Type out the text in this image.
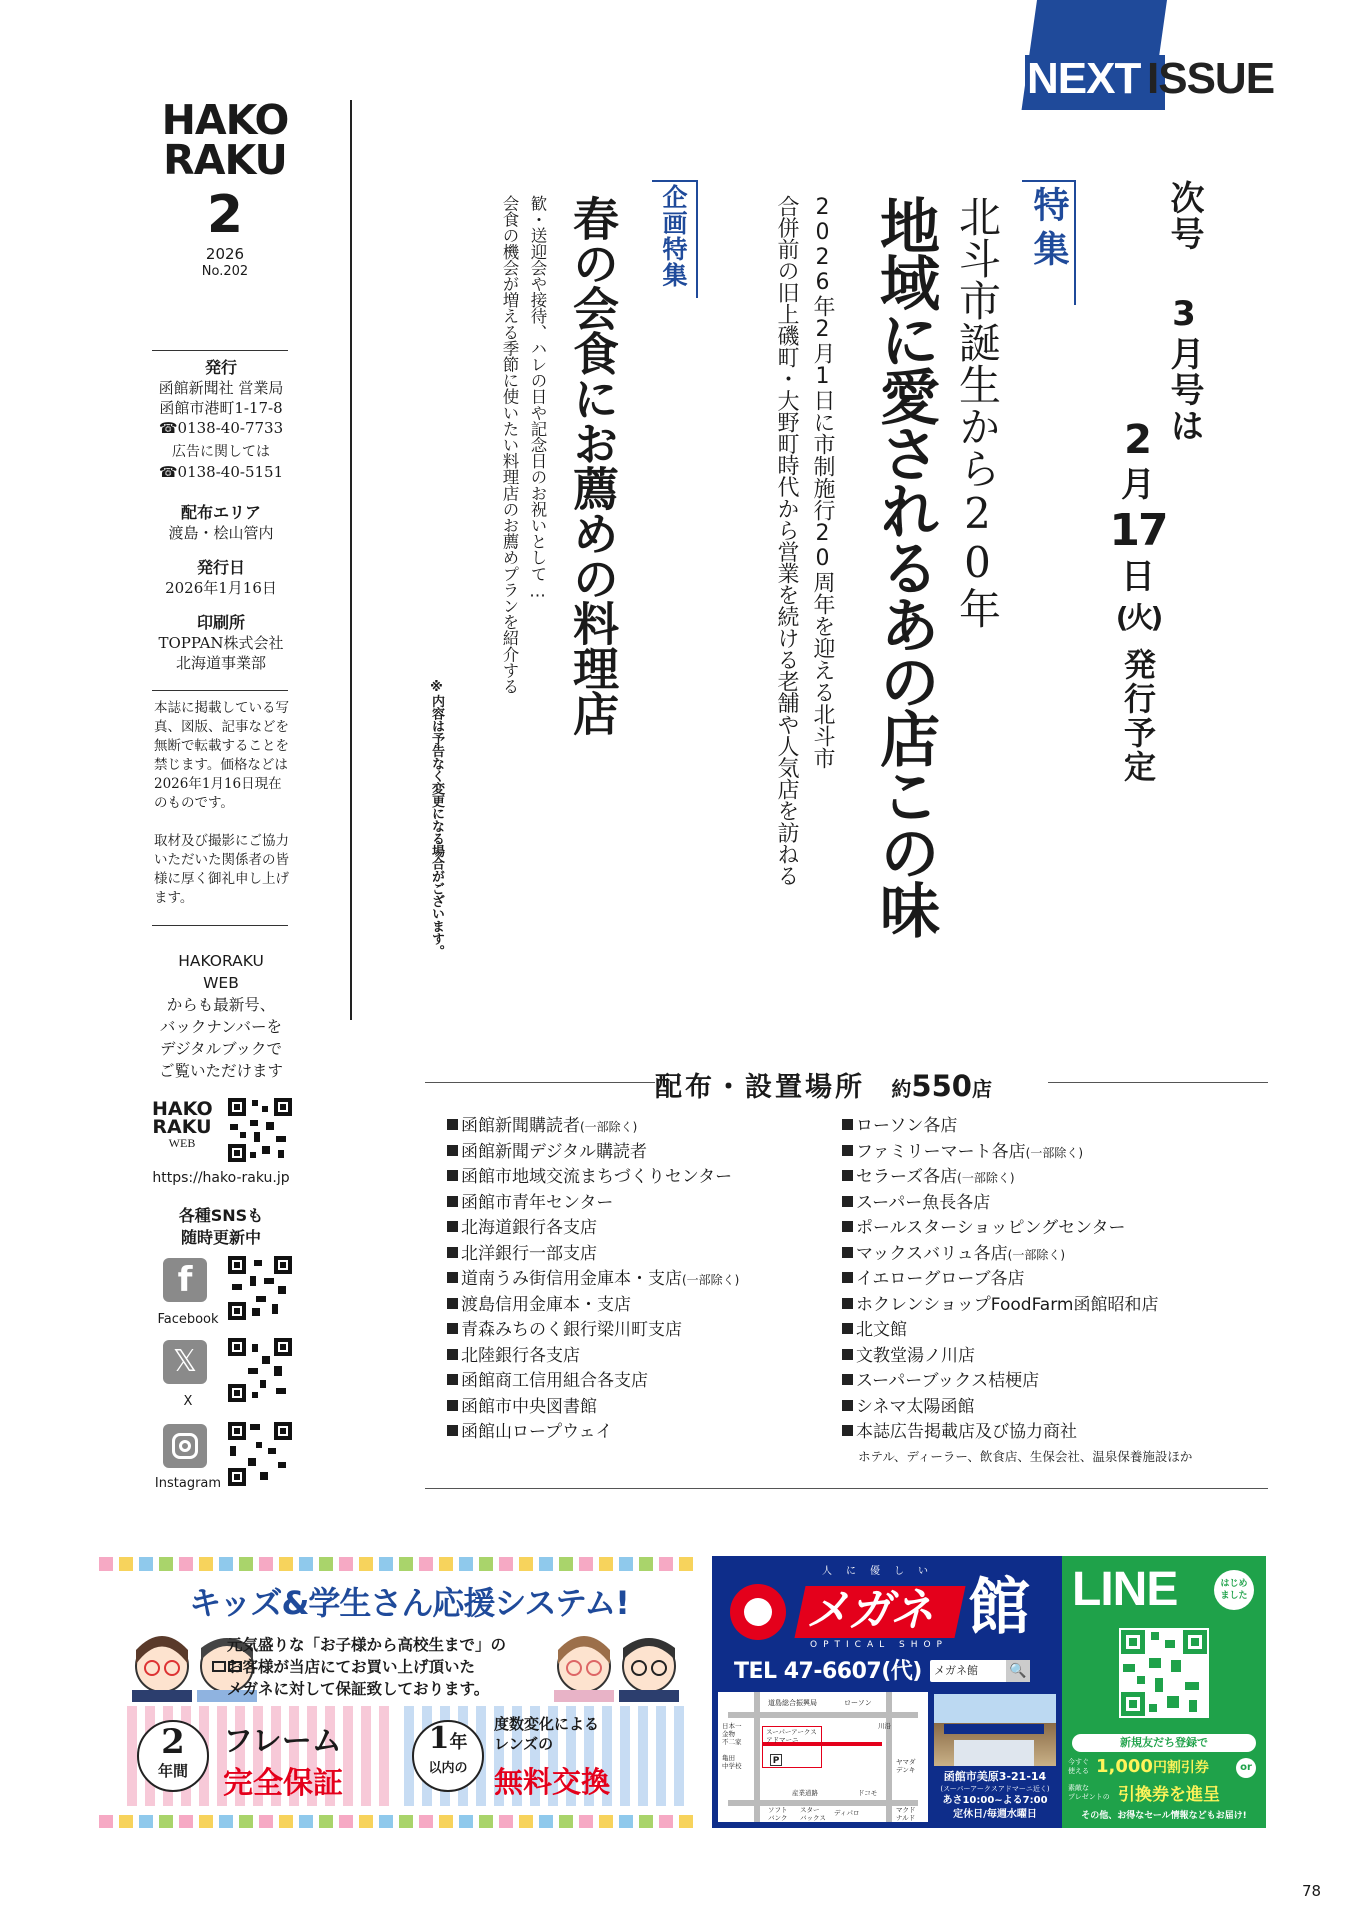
NEXT ISSUE
HAKO
RAKU
2
2026
No.202
発行
函館新聞社 営業局
函館市港町1-17-8
☎0138-40-7733
広告に関しては
☎0138-40-5151
配布エリア
渡島・桧山管内
発行日
2026年1月16日
印刷所
TOPPAN株式会社
北海道事業部
本誌に掲載している写真、図版、記事などを無断で転載することを禁じます。価格などは2026年1月16日現在のものです。
取材及び撮影にご協力いただいた関係者の皆様に厚く御礼申し上げます。
HAKORAKU
WEB
からも最新号、
バックナンバーを
デジタルブックで
ご覧いただけます
HAKO
RAKU
WEB
https://hako-raku.jp
各種SNSも
随時更新中
f
Facebook
𝕏
X
Instagram
次号 3月号は
2
月
17
日
(火)
発行予定
特集
北斗市誕生から20年
地域に愛されるあの店この味
2026年2月1日に市制施行20周年を迎える北斗市
合併前の旧上磯町・大野町時代から営業を続ける老舗や人気店を訪ねる
企画特集
春の会食にお薦めの料理店
歓・送迎会や接待、ハレの日や記念日のお祝いとして…
会食の機会が増える季節に使いたい料理店のお薦めプランを紹介する
※内容は予告なく変更になる場合がございます。
配布・設置場所 約550店
函館新聞購読者(一部除く)
函館新聞デジタル購読者
函館市地域交流まちづくりセンター
函館市青年センター
北海道銀行各支店
北洋銀行一部支店
道南うみ街信用金庫本・支店(一部除く)
渡島信用金庫本・支店
青森みちのく銀行梁川町支店
北陸銀行各支店
函館商工信用組合各支店
函館市中央図書館
函館山ロープウェイ
ローソン各店
ファミリーマート各店(一部除く)
セラーズ各店(一部除く)
スーパー魚長各店
ポールスターショッピングセンター
マックスバリュ各店(一部除く)
イエローグローブ各店
ホクレンショップFoodFarm函館昭和店
北文館
文教堂湯ノ川店
スーパーブックス桔梗店
シネマ太陽函館
本誌広告掲載店及び協力商社
ホテル、ディーラー、飲食店、生保会社、温泉保養施設ほか
キッズ&学生さん応援システム!
元気盛りな「お子様から高校生まで」の
お客様が当店にてお買い上げ頂いた
メガネに対して保証致しております。
2
年間
フレーム
完全保証
1年
以内の
度数変化による
レンズの
無料交換
人に優しい
メガネ 館
OPTICAL SHOP
TEL 47-6607(代)	メガネ館 🔍
道島総合振興局	ローソン
日本一
金物
不二家
スーパーアークス
アドマーニ
川沿
亀田
中学校	P
産業道路	ドコモ
ヤマダ
デンキ
ソフト
バンク
スター
バックス
ディパロ	マクド
ナルド
函館市美原3-21-14
(スーパーアークスアドマーニ近く)
あさ10:00~よる7:00
定休日/毎週水曜日
LINE	はじめ
ました
新規友だち登録で
今すぐ
使える 1,000円割引券	or
素敵な
プレゼントの 引換券を進呈
その他、お得なセール情報などもお届け!
78
